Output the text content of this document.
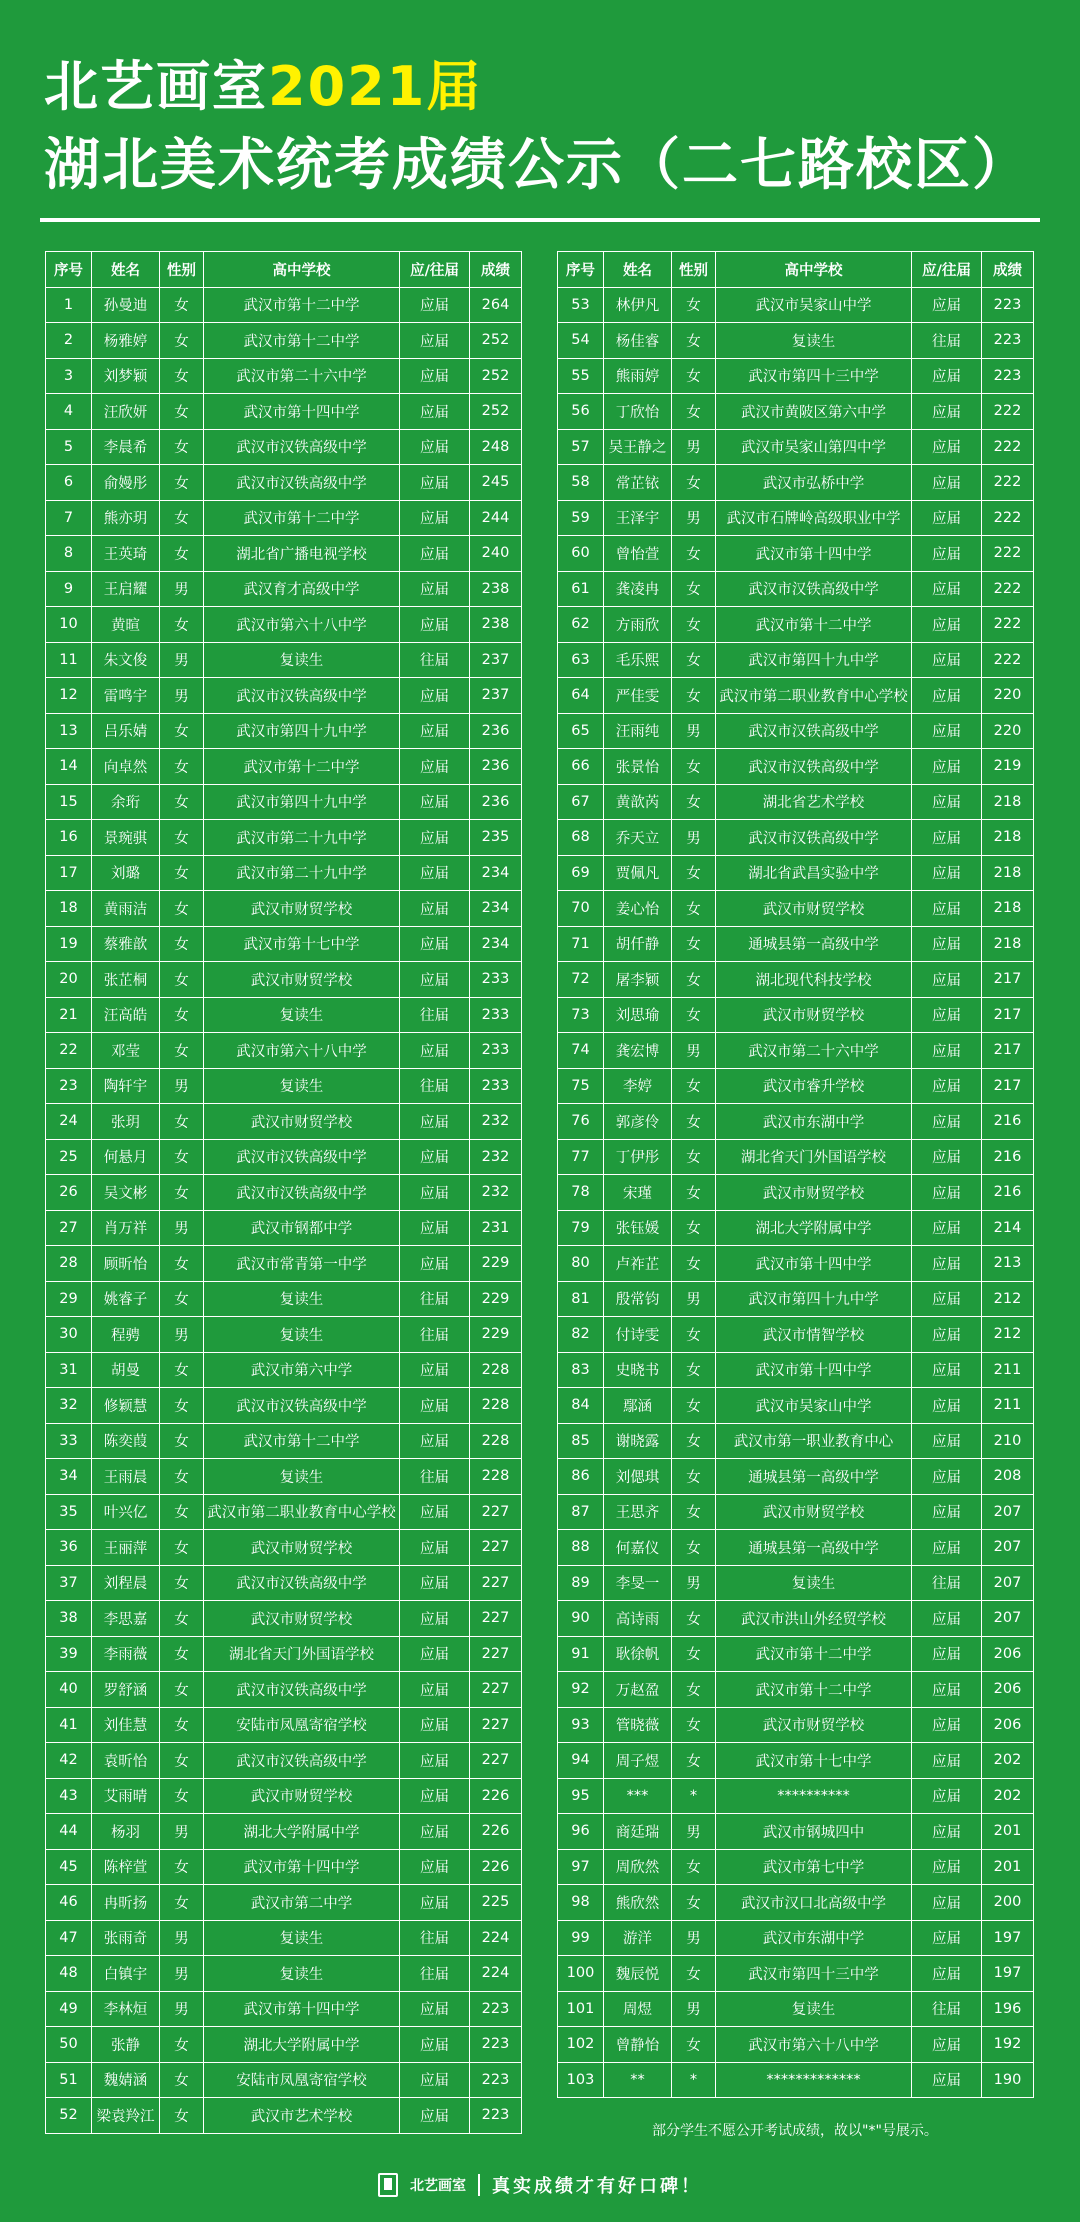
北艺画室2021届
湖北美术统考成绩公示（二七路校区）
序号	姓名	性别	高中学校	应/往届	成绩
1	孙曼迪	女	武汉市第十二中学	应届	264
2	杨雅婷	女	武汉市第十二中学	应届	252
3	刘梦颖	女	武汉市第二十六中学	应届	252
4	汪欣妍	女	武汉市第十四中学	应届	252
5	李晨希	女	武汉市汉铁高级中学	应届	248
6	俞嫚彤	女	武汉市汉铁高级中学	应届	245
7	熊亦玥	女	武汉市第十二中学	应届	244
8	王英琦	女	湖北省广播电视学校	应届	240
9	王启耀	男	武汉育才高级中学	应届	238
10	黄暄	女	武汉市第六十八中学	应届	238
11	朱文俊	男	复读生	往届	237
12	雷鸣宇	男	武汉市汉铁高级中学	应届	237
13	吕乐婧	女	武汉市第四十九中学	应届	236
14	向卓然	女	武汉市第十二中学	应届	236
15	余珩	女	武汉市第四十九中学	应届	236
16	景琬骐	女	武汉市第二十九中学	应届	235
17	刘璐	女	武汉市第二十九中学	应届	234
18	黄雨洁	女	武汉市财贸学校	应届	234
19	蔡雅歆	女	武汉市第十七中学	应届	234
20	张芷桐	女	武汉市财贸学校	应届	233
21	汪高皓	女	复读生	往届	233
22	邓莹	女	武汉市第六十八中学	应届	233
23	陶轩宇	男	复读生	往届	233
24	张玥	女	武汉市财贸学校	应届	232
25	何悬月	女	武汉市汉铁高级中学	应届	232
26	吴文彬	女	武汉市汉铁高级中学	应届	232
27	肖万祥	男	武汉市钢都中学	应届	231
28	顾昕怡	女	武汉市常青第一中学	应届	229
29	姚睿子	女	复读生	往届	229
30	程骋	男	复读生	往届	229
31	胡曼	女	武汉市第六中学	应届	228
32	修颖慧	女	武汉市汉铁高级中学	应届	228
33	陈奕葭	女	武汉市第十二中学	应届	228
34	王雨晨	女	复读生	往届	228
35	叶兴亿	女	武汉市第二职业教育中心学校	应届	227
36	王丽萍	女	武汉市财贸学校	应届	227
37	刘程晨	女	武汉市汉铁高级中学	应届	227
38	李思嘉	女	武汉市财贸学校	应届	227
39	李雨薇	女	湖北省天门外国语学校	应届	227
40	罗舒涵	女	武汉市汉铁高级中学	应届	227
41	刘佳慧	女	安陆市凤凰寄宿学校	应届	227
42	袁昕怡	女	武汉市汉铁高级中学	应届	227
43	艾雨晴	女	武汉市财贸学校	应届	226
44	杨羽	男	湖北大学附属中学	应届	226
45	陈梓萱	女	武汉市第十四中学	应届	226
46	冉昕扬	女	武汉市第二中学	应届	225
47	张雨奇	男	复读生	往届	224
48	白镇宇	男	复读生	往届	224
49	李林烜	男	武汉市第十四中学	应届	223
50	张静	女	湖北大学附属中学	应届	223
51	魏婧涵	女	安陆市凤凰寄宿学校	应届	223
52	梁袁羚江	女	武汉市艺术学校	应届	223
序号	姓名	性别	高中学校	应/往届	成绩
53	林伊凡	女	武汉市吴家山中学	应届	223
54	杨佳睿	女	复读生	往届	223
55	熊雨婷	女	武汉市第四十三中学	应届	223
56	丁欣怡	女	武汉市黄陂区第六中学	应届	222
57	吴王静之	男	武汉市吴家山第四中学	应届	222
58	常芷铱	女	武汉市弘桥中学	应届	222
59	王泽宇	男	武汉市石牌岭高级职业中学	应届	222
60	曾怡萱	女	武汉市第十四中学	应届	222
61	龚凌冉	女	武汉市汉铁高级中学	应届	222
62	方雨欣	女	武汉市第十二中学	应届	222
63	毛乐熙	女	武汉市第四十九中学	应届	222
64	严佳雯	女	武汉市第二职业教育中心学校	应届	220
65	汪雨纯	男	武汉市汉铁高级中学	应届	220
66	张景怡	女	武汉市汉铁高级中学	应届	219
67	黄歆芮	女	湖北省艺术学校	应届	218
68	乔天立	男	武汉市汉铁高级中学	应届	218
69	贾佩凡	女	湖北省武昌实验中学	应届	218
70	姜心怡	女	武汉市财贸学校	应届	218
71	胡仟静	女	通城县第一高级中学	应届	218
72	屠李颖	女	湖北现代科技学校	应届	217
73	刘思瑜	女	武汉市财贸学校	应届	217
74	龚宏博	男	武汉市第二十六中学	应届	217
75	李婷	女	武汉市睿升学校	应届	217
76	郭彦伶	女	武汉市东湖中学	应届	216
77	丁伊彤	女	湖北省天门外国语学校	应届	216
78	宋瑾	女	武汉市财贸学校	应届	216
79	张钰媛	女	湖北大学附属中学	应届	214
80	卢祚芷	女	武汉市第十四中学	应届	213
81	殷常钧	男	武汉市第四十九中学	应届	212
82	付诗雯	女	武汉市情智学校	应届	212
83	史晓书	女	武汉市第十四中学	应届	211
84	鄢涵	女	武汉市吴家山中学	应届	211
85	谢晓露	女	武汉市第一职业教育中心	应届	210
86	刘偲琪	女	通城县第一高级中学	应届	208
87	王思齐	女	武汉市财贸学校	应届	207
88	何嘉仪	女	通城县第一高级中学	应届	207
89	李旻一	男	复读生	往届	207
90	高诗雨	女	武汉市洪山外经贸学校	应届	207
91	耿徐帆	女	武汉市第十二中学	应届	206
92	万赵盈	女	武汉市第十二中学	应届	206
93	管晓薇	女	武汉市财贸学校	应届	206
94	周子煜	女	武汉市第十七中学	应届	202
95	***	*	**********	应届	202
96	商廷瑞	男	武汉市钢城四中	应届	201
97	周欣然	女	武汉市第七中学	应届	201
98	熊欣然	女	武汉市汉口北高级中学	应届	200
99	游洋	男	武汉市东湖中学	应届	197
100	魏辰悦	女	武汉市第四十三中学	应届	197
101	周煜	男	复读生	往届	196
102	曾静怡	女	武汉市第六十八中学	应届	192
103	**	*	*************	应届	190
部分学生不愿公开考试成绩，故以"*"号展示。
北艺画室 真实成绩才有好口碑！
